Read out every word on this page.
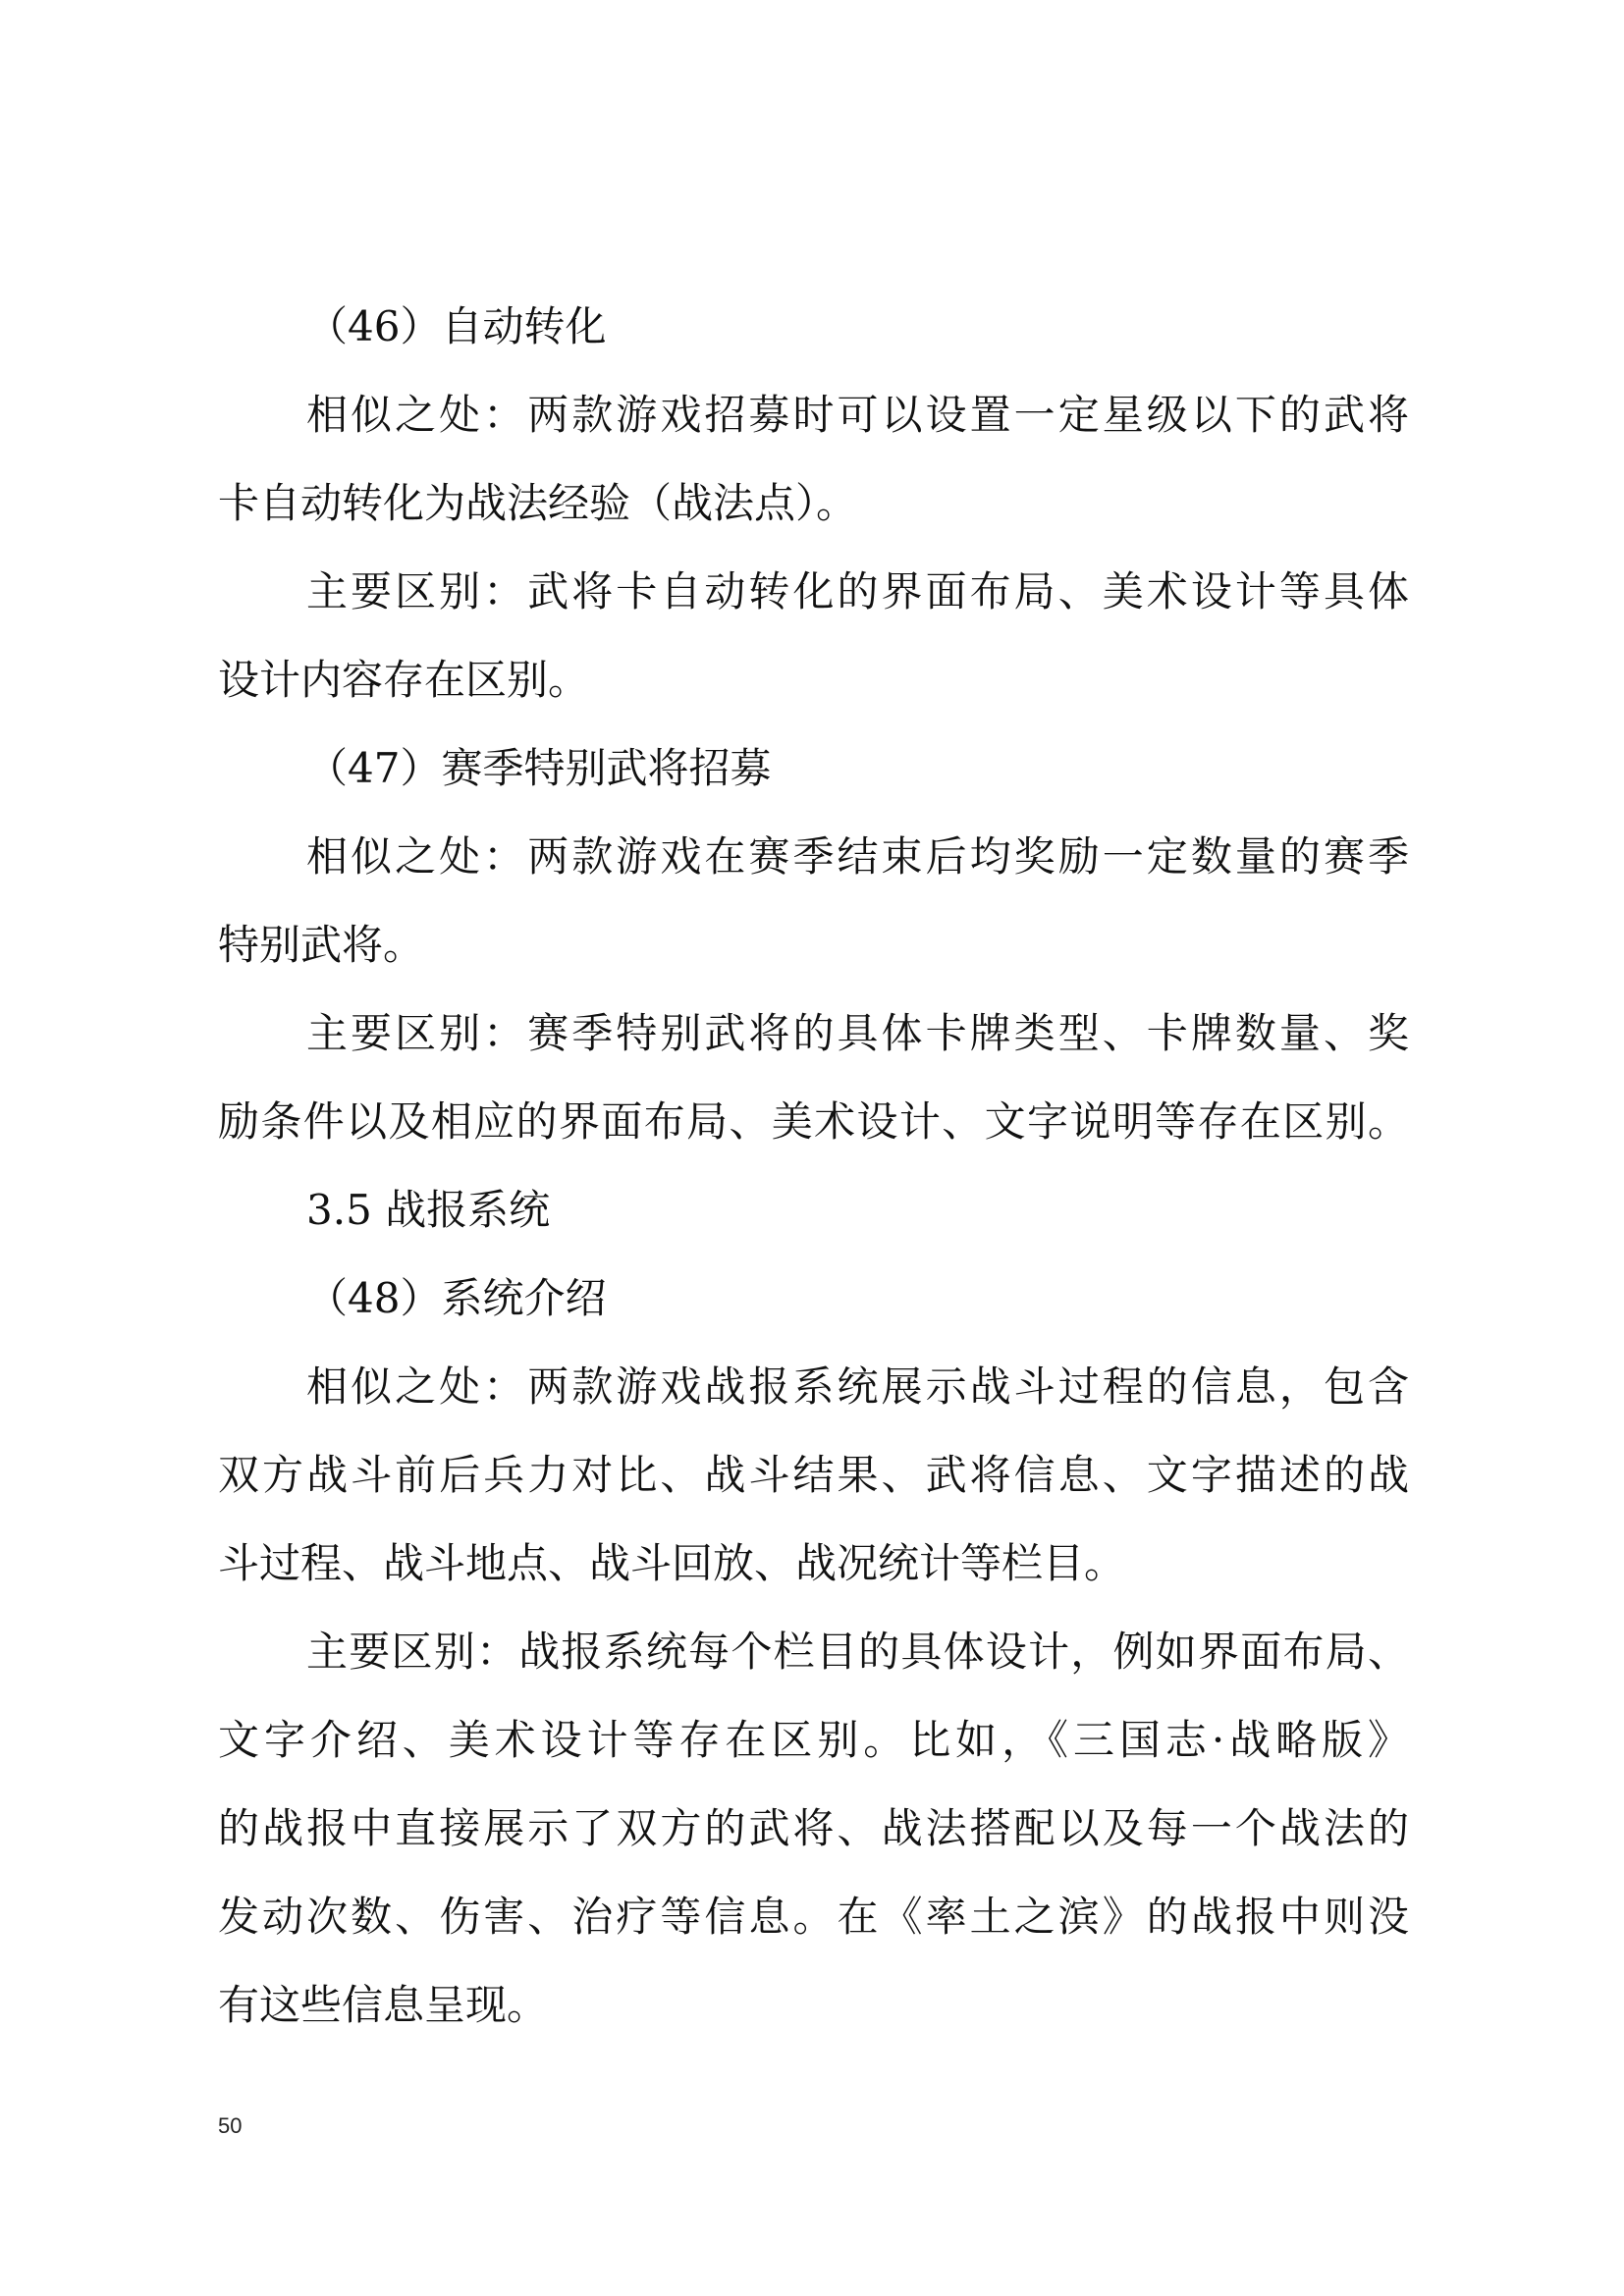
（46）自动转化
相似之处：两款游戏招募时可以设置一定星级以下的武将
卡自动转化为战法经验（战法点）。
主要区别：武将卡自动转化的界面布局、美术设计等具体
设计内容存在区别。
（47）赛季特别武将招募
相似之处：两款游戏在赛季结束后均奖励一定数量的赛季
特别武将。
主要区别：赛季特别武将的具体卡牌类型、卡牌数量、奖
励条件以及相应的界面布局、美术设计、文字说明等存在区别。
3.5 战报系统
（48）系统介绍
相似之处：两款游戏战报系统展示战斗过程的信息，包含
双方战斗前后兵力对比、战斗结果、武将信息、文字描述的战
斗过程、战斗地点、战斗回放、战况统计等栏目。
主要区别：战报系统每个栏目的具体设计，例如界面布局、
文字介绍、美术设计等存在区别。比如，《三国志·战略版》
的战报中直接展示了双方的武将、战法搭配以及每一个战法的
发动次数、伤害、治疗等信息。在《率土之滨》的战报中则没
有这些信息呈现。
50
